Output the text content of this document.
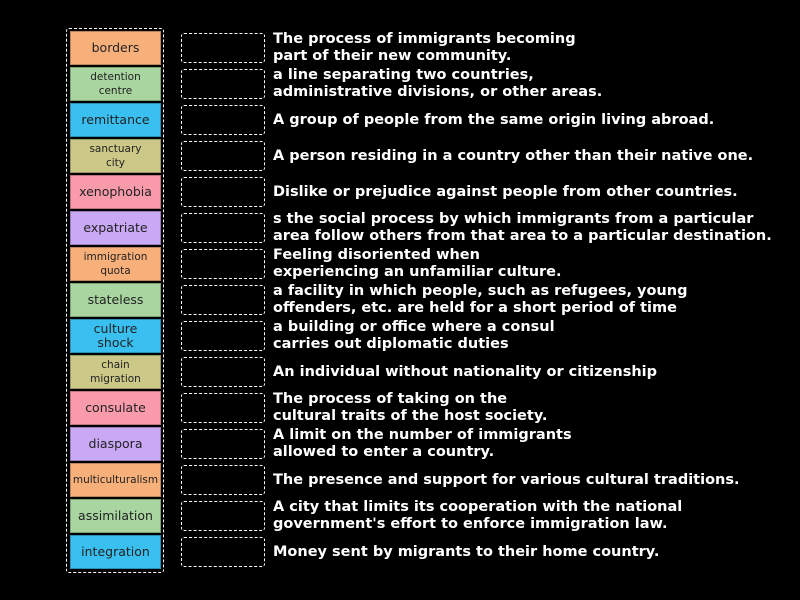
The process of immigrants becoming
part of their new community.
a line separating two countries,
administrative divisions, or other areas.
A group of people from the same origin living abroad.
A person residing in a country other than their native one.
Dislike or prejudice against people from other countries.
s the social process by which immigrants from a particular
area follow others from that area to a particular destination.
Feeling disoriented when
experiencing an unfamiliar culture.
a facility in which people, such as refugees, young
offenders, etc. are held for a short period of time
a building or office where a consul
carries out diplomatic duties
An individual without nationality or citizenship
The process of taking on the
cultural traits of the host society.
A limit on the number of immigrants
allowed to enter a country.
The presence and support for various cultural traditions.
A city that limits its cooperation with the national
government's effort to enforce immigration law.
Money sent by migrants to their home country.
borders
detention
centre
remittance
sanctuary
city
xenophobia
expatriate
immigration
quota
stateless
culture
shock
chain
migration
consulate
diaspora
multiculturalism
assimilation
integration
